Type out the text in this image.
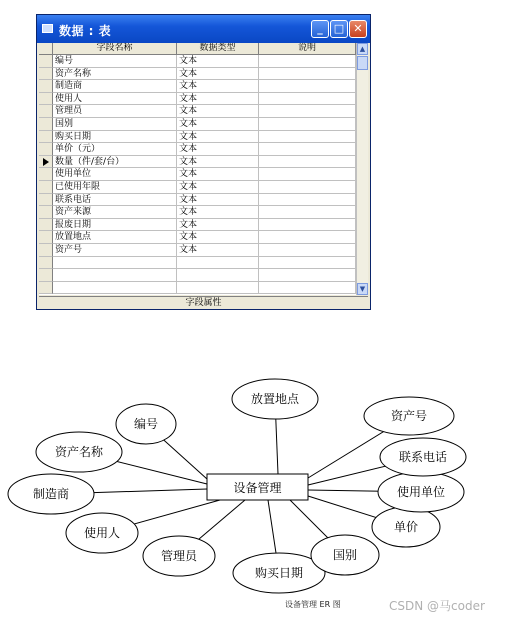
数据 : 表	_	□ ✕
字段名称	数据类型	说明	▲
▼
编号	文本
资产名称	文本
制造商	文本
使用人	文本
管理员	文本
国别	文本
购买日期	文本
单价（元）	文本
数量（件/套/台）	文本
使用单位	文本
已使用年限	文本
联系电话	文本
资产来源	文本
报废日期	文本
放置地点	文本
资产号	文本
字段属性
编号
资产名称
制造商
使用人
管理员
购买日期
国别
单价
使用单位
联系电话
资产号
放置地点
设备管理
设备管理 ER 图	CSDN @马coder
